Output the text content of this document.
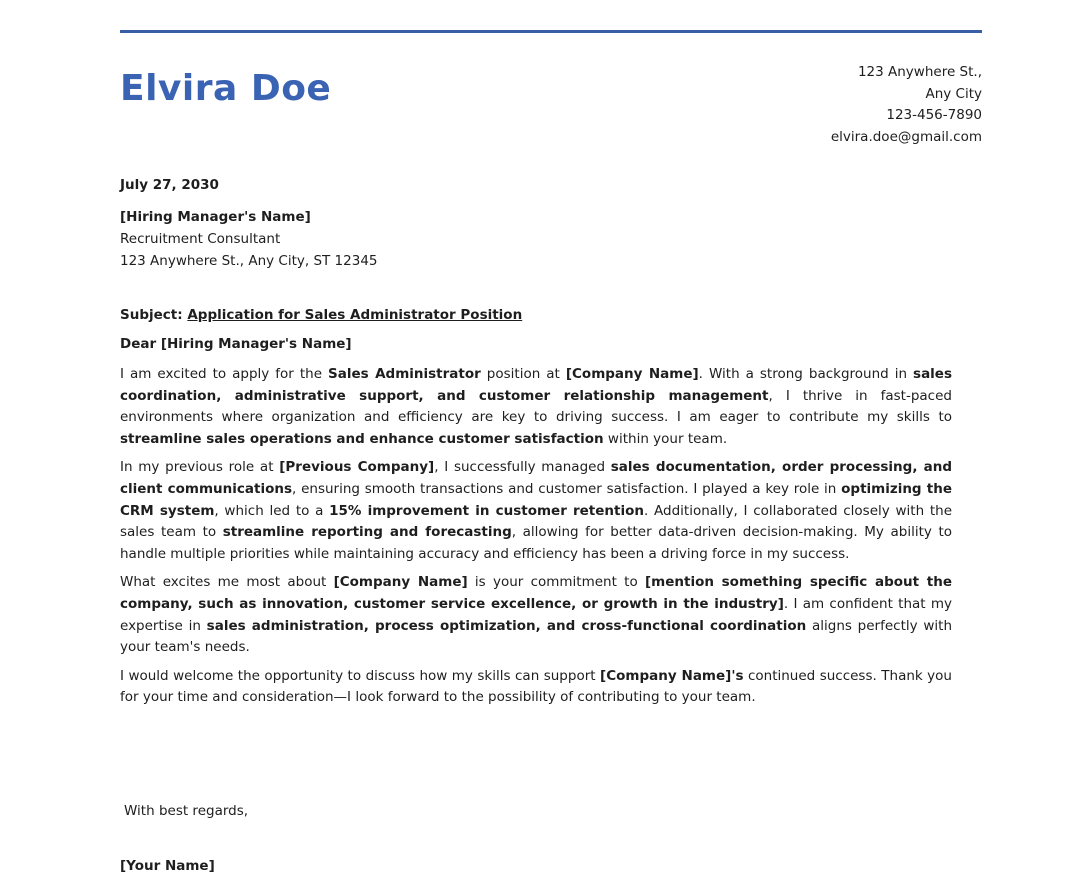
Elvira Doe	123 Anywhere St.,
Any City
123-456-7890
elvira.doe@gmail.com
July 27, 2030
[Hiring Manager's Name]
Recruitment Consultant
123 Anywhere St., Any City, ST 12345
Subject: Application for Sales Administrator Position
Dear [Hiring Manager's Name]

I am excited to apply for the Sales Administrator position at [Company Name]. With a strong background in sales coordination, administrative support, and customer relationship management, I thrive in fast-paced environments where organization and efficiency are key to driving success. I am eager to contribute my skills to streamline sales operations and enhance customer satisfaction within your team.

In my previous role at [Previous Company], I successfully managed sales documentation, order processing, and client communications, ensuring smooth transactions and customer satisfaction. I played a key role in optimizing the CRM system, which led to a 15% improvement in customer retention. Additionally, I collaborated closely with the sales team to streamline reporting and forecasting, allowing for better data-driven decision-making. My ability to handle multiple priorities while maintaining accuracy and efficiency has been a driving force in my success.

What excites me most about [Company Name] is your commitment to [mention something specific about the company, such as innovation, customer service excellence, or growth in the industry]. I am confident that my expertise in sales administration, process optimization, and cross-functional coordination aligns perfectly with your team's needs.

I would welcome the opportunity to discuss how my skills can support [Company Name]'s continued success. Thank you for your time and consideration—I look forward to the possibility of contributing to your team.

With best regards,
[Your Name]
